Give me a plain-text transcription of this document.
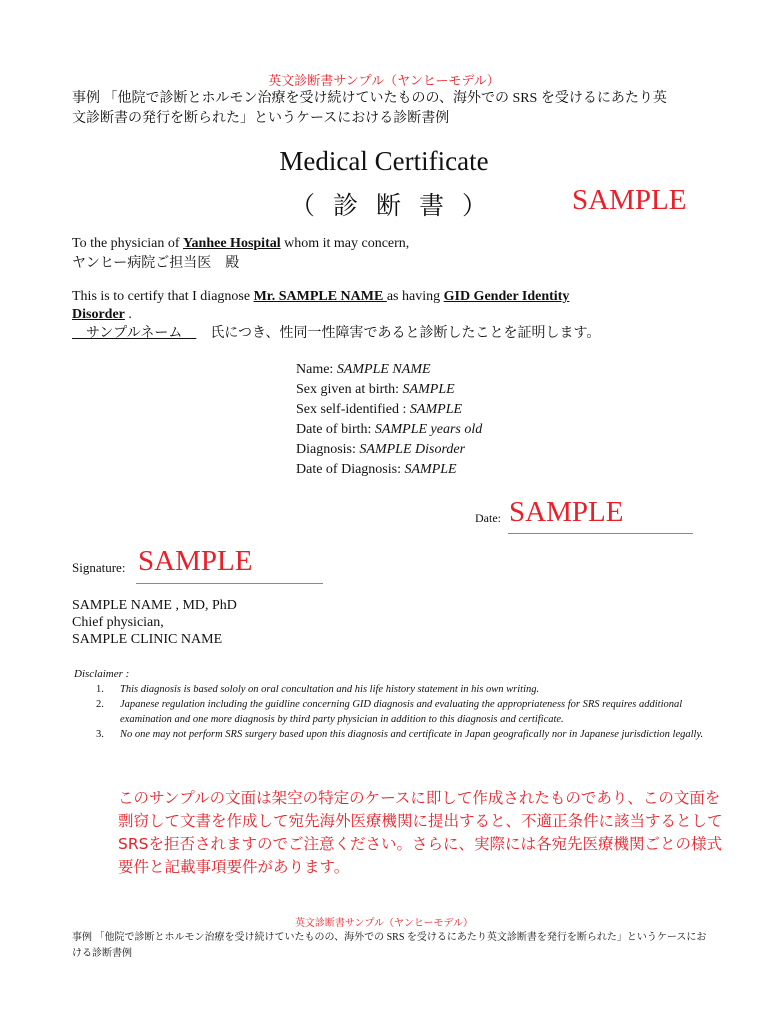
英文診断書サンプル（ヤンヒーモデル）
事例 「他院で診断とホルモン治療を受け続けていたものの、海外での SRS を受けるにあたり英
文診断書の発行を断られた」というケースにおける診断書例
Medical Certificate
（診断書） SAMPLE
To the physician of Yanhee Hospital whom it may concern,
ヤンヒー病院ご担当医　殿
This is to certify that I diagnose Mr. SAMPLE NAME as having GID Gender Identity
Disorder .
　サンプルネーム　　氏につき、性同一性障害であると診断したことを証明します。
Name: SAMPLE NAME
Sex given at birth: SAMPLE
Sex self-identified : SAMPLE
Date of birth: SAMPLE years old
Diagnosis: SAMPLE Disorder
Date of Diagnosis: SAMPLE
Date: SAMPLE
Signature: SAMPLE
SAMPLE NAME , MD, PhD
Chief physician,
SAMPLE CLINIC NAME
Disclaimer :
1. This diagnosis is based sololy on oral concultation and his life history statement in his own writing.
2. Japanese regulation including the guidline concerning GID diagnosis and evaluating the appropriateness for SRS requires additional examination and one more diagnosis by third party physician in addition to this diagnosis and certificate.
3. No one may not perform SRS surgery based upon this diagnosis and certificate in Japan geografically nor in Japanese jurisdiction legally.
このサンプルの文面は架空の特定のケースに即して作成されたものであり、この文面を剽窃して文書を作成して宛先海外医療機関に提出すると、不適正条件に該当するとしてSRSを拒否されますのでご注意ください。さらに、実際には各宛先医療機関ごとの様式要件と記載事項要件があります。
英文診断書サンプル（ヤンヒーモデル）
事例 「他院で診断とホルモン治療を受け続けていたものの、海外での SRS を受けるにあたり英文診断書を発行を断られた」というケースにおける診断書例
